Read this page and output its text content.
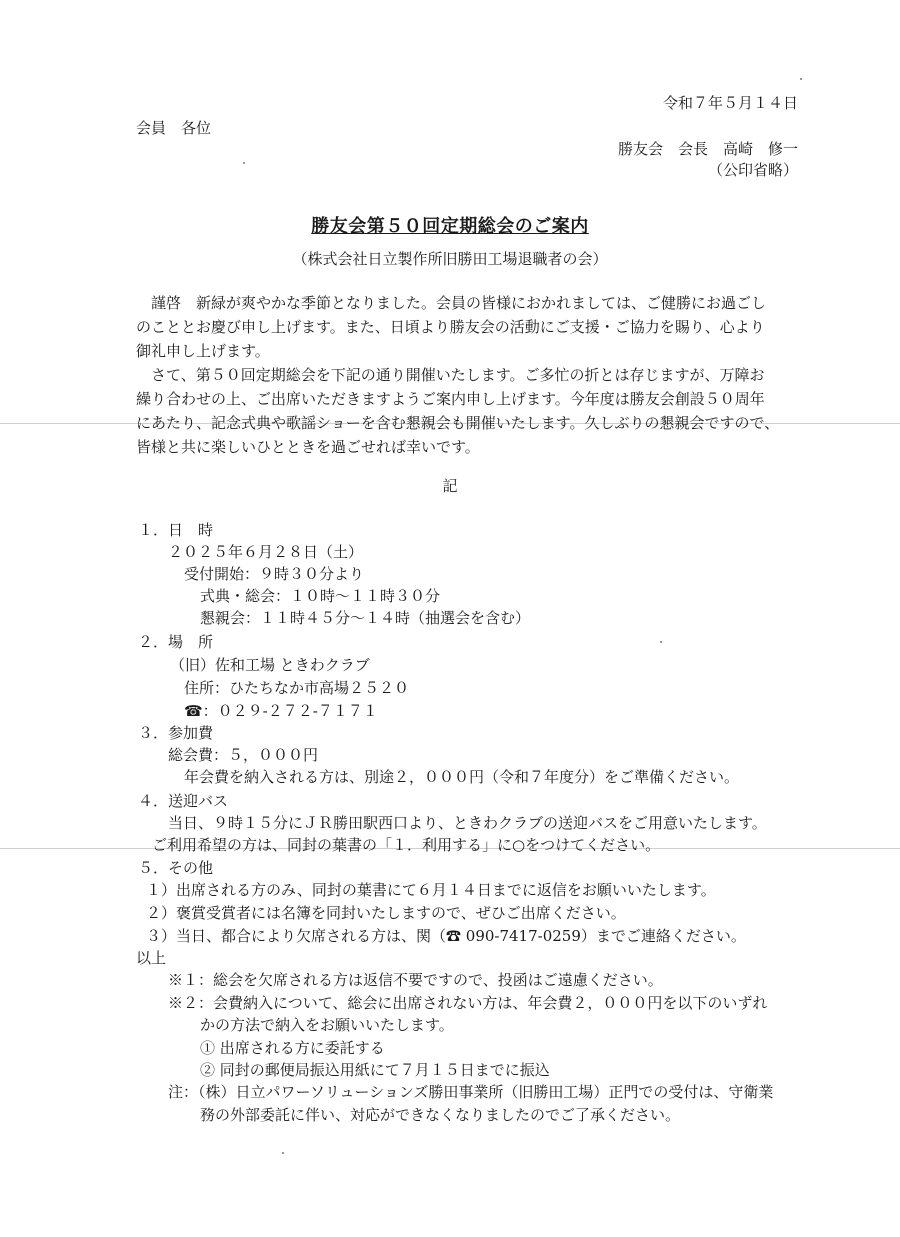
令和７年５月１４日
会員　各位
勝友会　会長　高崎　修一
（公印省略）
勝友会第５０回定期総会のご案内
（株式会社日立製作所旧勝田工場退職者の会）
　謹啓　新緑が爽やかな季節となりました。会員の皆様におかれましては、ご健勝にお過ごし
のこととお慶び申し上げます。また、日頃より勝友会の活動にご支援・ご協力を賜り、心より
御礼申し上げます。
　さて、第５０回定期総会を下記の通り開催いたします。ご多忙の折とは存じますが、万障お
繰り合わせの上、ご出席いただきますようご案内申し上げます。今年度は勝友会創設５０周年
にあたり、記念式典や歌謡ショーを含む懇親会も開催いたします。久しぶりの懇親会ですので、
皆様と共に楽しいひとときを過ごせれば幸いです。
記
１．日　時
２０２５年６月２８日（土）
受付開始：９時３０分より
式典・総会：１０時～１１時３０分
懇親会：１１時４５分～１４時（抽選会を含む）
２．場　所
（旧）佐和工場 ときわクラブ
住所：ひたちなか市高場２５２０
☎：０２９-２７２-７１７１
３．参加費
総会費：５，０００円
年会費を納入される方は、別途２，０００円（令和７年度分）をご準備ください。
４．送迎バス
当日、９時１５分にＪＲ勝田駅西口より、ときわクラブの送迎バスをご用意いたします。
ご利用希望の方は、同封の葉書の「１．利用する」に○をつけてください。
５．その他
１）出席される方のみ、同封の葉書にて６月１４日までに返信をお願いいたします。
２）褒賞受賞者には名簿を同封いたしますので、ぜひご出席ください。
３）当日、都合により欠席される方は、関（☎ 090-7417-0259）までご連絡ください。
以上
※１：総会を欠席される方は返信不要ですので、投函はご遠慮ください。
※２：会費納入について、総会に出席されない方は、年会費２，０００円を以下のいずれ
かの方法で納入をお願いいたします。
① 出席される方に委託する
② 同封の郵便局振込用紙にて７月１５日までに振込
注：（株）日立パワーソリューションズ勝田事業所（旧勝田工場）正門での受付は、守衛業
務の外部委託に伴い、対応ができなくなりましたのでご了承ください。
